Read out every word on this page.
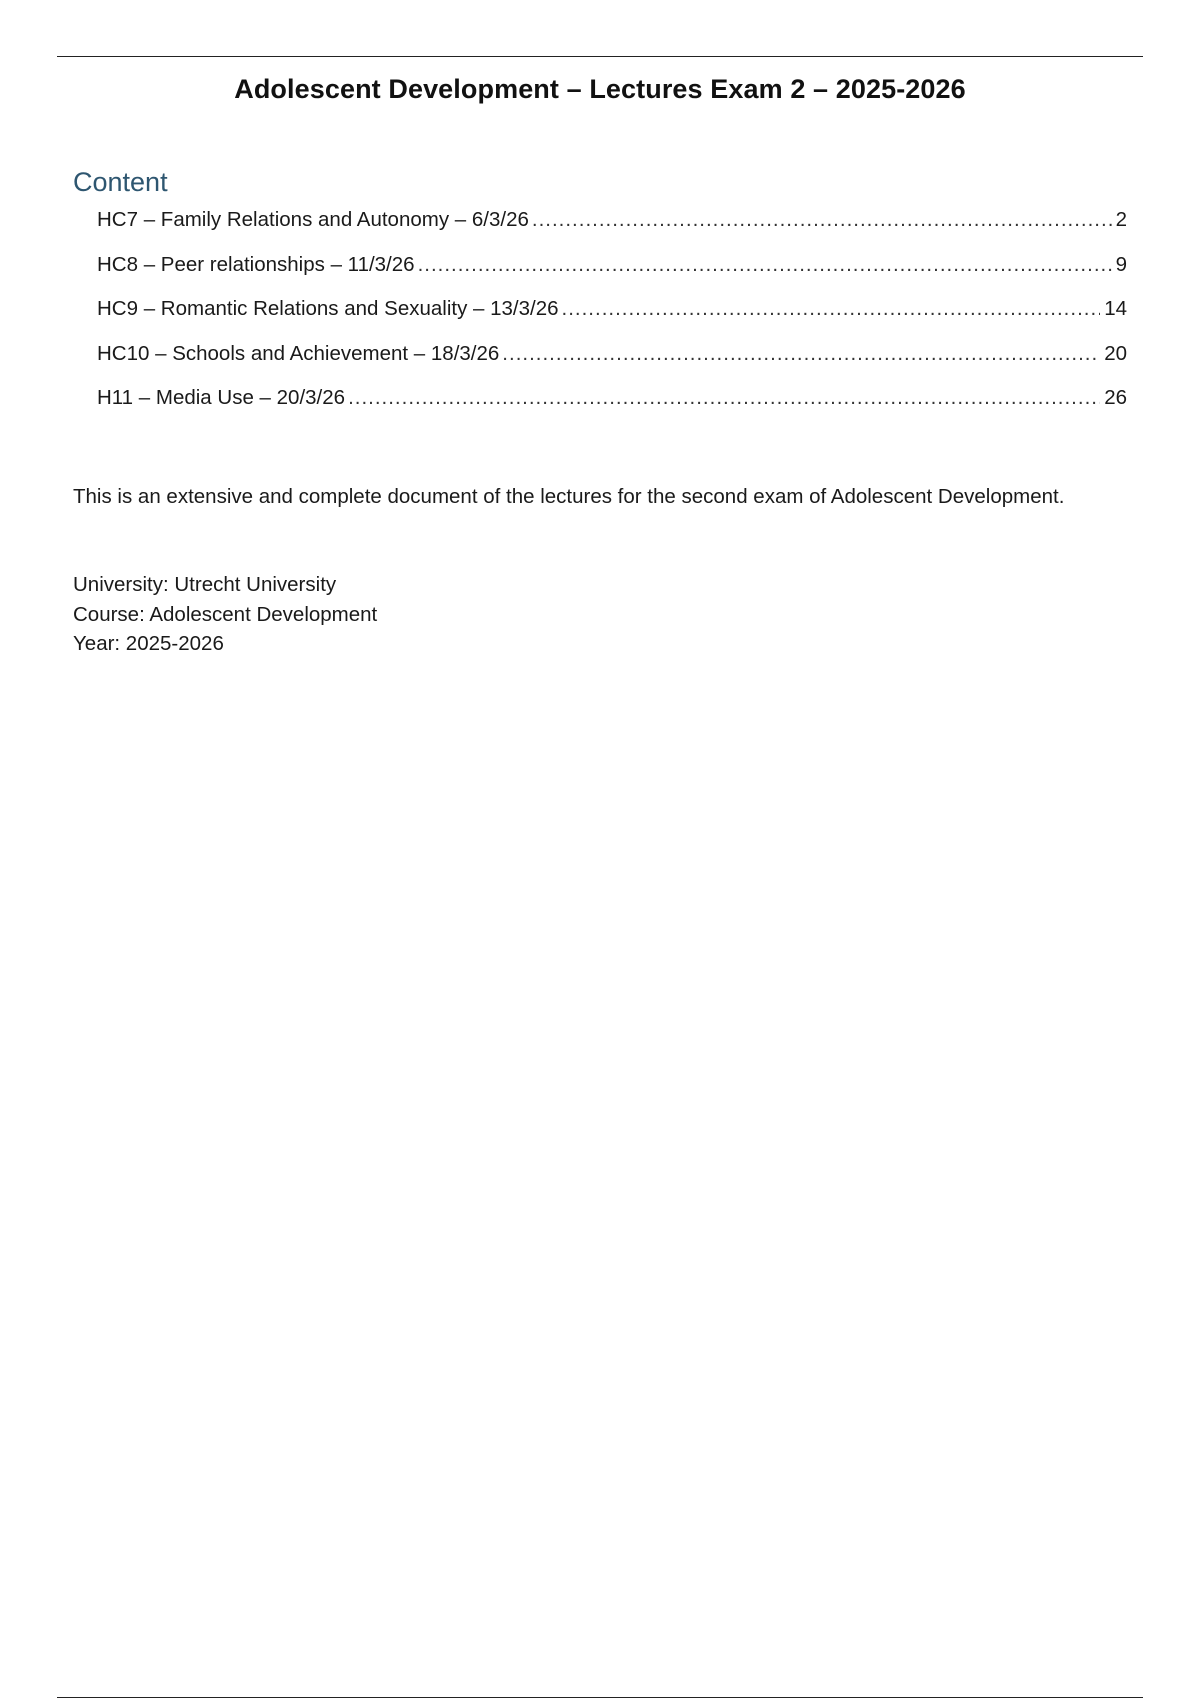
Adolescent Development – Lectures Exam 2 – 2025-2026
Content
HC7 – Family Relations and Autonomy – 6/3/26 .....	2
HC8 – Peer relationships – 11/3/26 .....	9
HC9 – Romantic Relations and Sexuality – 13/3/26 .....	14
HC10 – Schools and Achievement – 18/3/26 .....	20
H11 – Media Use – 20/3/26 .....	26

This is an extensive and complete document of the lectures for the second exam of Adolescent Development.

University: Utrecht University
Course: Adolescent Development
Year: 2025-2026
